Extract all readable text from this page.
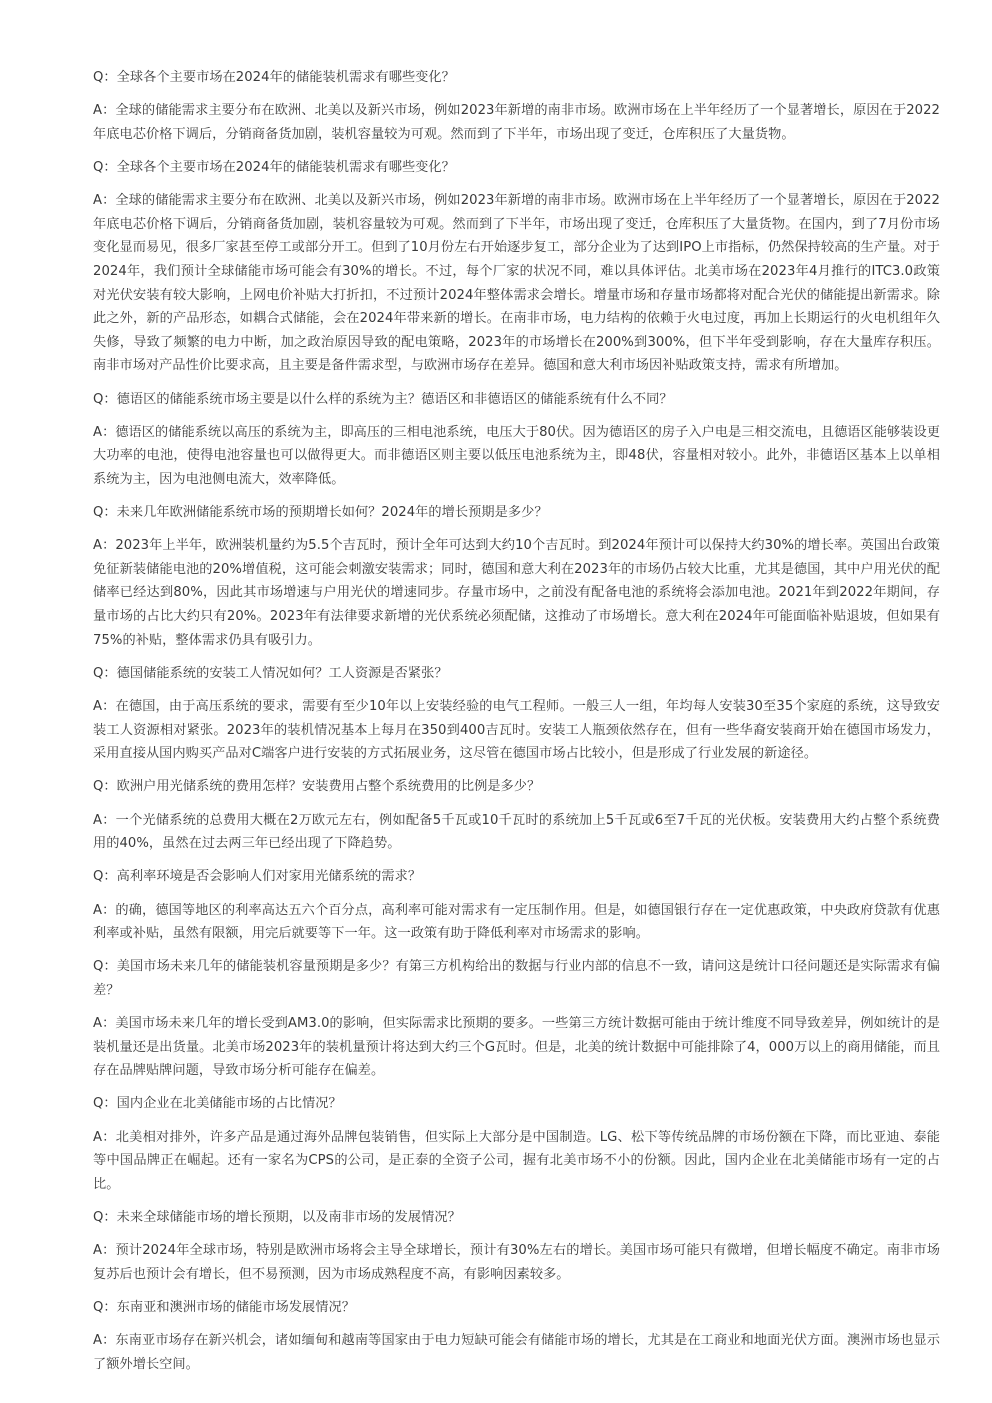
Q：全球各个主要市场在2024年的储能装机需求有哪些变化？

A：全球的储能需求主要分布在欧洲、北美以及新兴市场，例如2023年新增的南非市场。欧洲市场在上半年经历了一个显著增长，原因在于2022年底电芯价格下调后，分销商备货加剧，装机容量较为可观。然而到了下半年，市场出现了变迁，仓库积压了大量货物。

Q：全球各个主要市场在2024年的储能装机需求有哪些变化？

A：全球的储能需求主要分布在欧洲、北美以及新兴市场，例如2023年新增的南非市场。欧洲市场在上半年经历了一个显著增长，原因在于2022年底电芯价格下调后，分销商备货加剧，装机容量较为可观。然而到了下半年，市场出现了变迁，仓库积压了大量货物。在国内，到了7月份市场变化显而易见，很多厂家甚至停工或部分开工。但到了10月份左右开始逐步复工，部分企业为了达到IPO上市指标，仍然保持较高的生产量。对于2024年，我们预计全球储能市场可能会有30%的增长。不过，每个厂家的状况不同，难以具体评估。北美市场在2023年4月推行的ITC3.0政策对光伏安装有较大影响，上网电价补贴大打折扣，不过预计2024年整体需求会增长。增量市场和存量市场都将对配合光伏的储能提出新需求。除此之外，新的产品形态，如耦合式储能，会在2024年带来新的增长。在南非市场，电力结构的依赖于火电过度，再加上长期运行的火电机组年久失修，导致了频繁的电力中断，加之政治原因导致的配电策略，2023年的市场增长在200%到300%，但下半年受到影响，存在大量库存积压。南非市场对产品性价比要求高，且主要是备件需求型，与欧洲市场存在差异。德国和意大利市场因补贴政策支持，需求有所增加。

Q：德语区的储能系统市场主要是以什么样的系统为主？德语区和非德语区的储能系统有什么不同？

A：德语区的储能系统以高压的系统为主，即高压的三相电池系统，电压大于80伏。因为德语区的房子入户电是三相交流电，且德语区能够装设更大功率的电池，使得电池容量也可以做得更大。而非德语区则主要以低压电池系统为主，即48伏，容量相对较小。此外，非德语区基本上以单相系统为主，因为电池侧电流大，效率降低。

Q：未来几年欧洲储能系统市场的预期增长如何？2024年的增长预期是多少？

A：2023年上半年，欧洲装机量约为5.5个吉瓦时，预计全年可达到大约10个吉瓦时。到2024年预计可以保持大约30%的增长率。英国出台政策免征新装储能电池的20%增值税，这可能会刺激安装需求；同时，德国和意大利在2023年的市场仍占较大比重，尤其是德国，其中户用光伏的配储率已经达到80%，因此其市场增速与户用光伏的增速同步。存量市场中，之前没有配备电池的系统将会添加电池。2021年到2022年期间，存量市场的占比大约只有20%。2023年有法律要求新增的光伏系统必须配储，这推动了市场增长。意大利在2024年可能面临补贴退坡，但如果有75%的补贴，整体需求仍具有吸引力。

Q：德国储能系统的安装工人情况如何？工人资源是否紧张？

A：在德国，由于高压系统的要求，需要有至少10年以上安装经验的电气工程师。一般三人一组，年均每人安装30至35个家庭的系统，这导致安装工人资源相对紧张。2023年的装机情况基本上每月在350到400吉瓦时。安装工人瓶颈依然存在，但有一些华裔安装商开始在德国市场发力，采用直接从国内购买产品对C端客户进行安装的方式拓展业务，这尽管在德国市场占比较小，但是形成了行业发展的新途径。

Q：欧洲户用光储系统的费用怎样？安装费用占整个系统费用的比例是多少？

A：一个光储系统的总费用大概在2万欧元左右，例如配备5千瓦或10千瓦时的系统加上5千瓦或6至7千瓦的光伏板。安装费用大约占整个系统费用的40%，虽然在过去两三年已经出现了下降趋势。

Q：高利率环境是否会影响人们对家用光储系统的需求？

A：的确，德国等地区的利率高达五六个百分点，高利率可能对需求有一定压制作用。但是，如德国银行存在一定优惠政策，中央政府贷款有优惠利率或补贴，虽然有限额，用完后就要等下一年。这一政策有助于降低利率对市场需求的影响。

Q：美国市场未来几年的储能装机容量预期是多少？有第三方机构给出的数据与行业内部的信息不一致，请问这是统计口径问题还是实际需求有偏差？

A：美国市场未来几年的增长受到AM3.0的影响，但实际需求比预期的要多。一些第三方统计数据可能由于统计维度不同导致差异，例如统计的是装机量还是出货量。北美市场2023年的装机量预计将达到大约三个G瓦时。但是，北美的统计数据中可能排除了4，000万以上的商用储能，而且存在品牌贴牌问题，导致市场分析可能存在偏差。

Q：国内企业在北美储能市场的占比情况？

A：北美相对排外，许多产品是通过海外品牌包装销售，但实际上大部分是中国制造。LG、松下等传统品牌的市场份额在下降，而比亚迪、泰能等中国品牌正在崛起。还有一家名为CPS的公司，是正泰的全资子公司，握有北美市场不小的份额。因此，国内企业在北美储能市场有一定的占比。

Q：未来全球储能市场的增长预期，以及南非市场的发展情况？

A：预计2024年全球市场，特别是欧洲市场将会主导全球增长，预计有30%左右的增长。美国市场可能只有微增，但增长幅度不确定。南非市场复苏后也预计会有增长，但不易预测，因为市场成熟程度不高，有影响因素较多。

Q：东南亚和澳洲市场的储能市场发展情况？

A：东南亚市场存在新兴机会，诸如缅甸和越南等国家由于电力短缺可能会有储能市场的增长，尤其是在工商业和地面光伏方面。澳洲市场也显示了额外增长空间。
